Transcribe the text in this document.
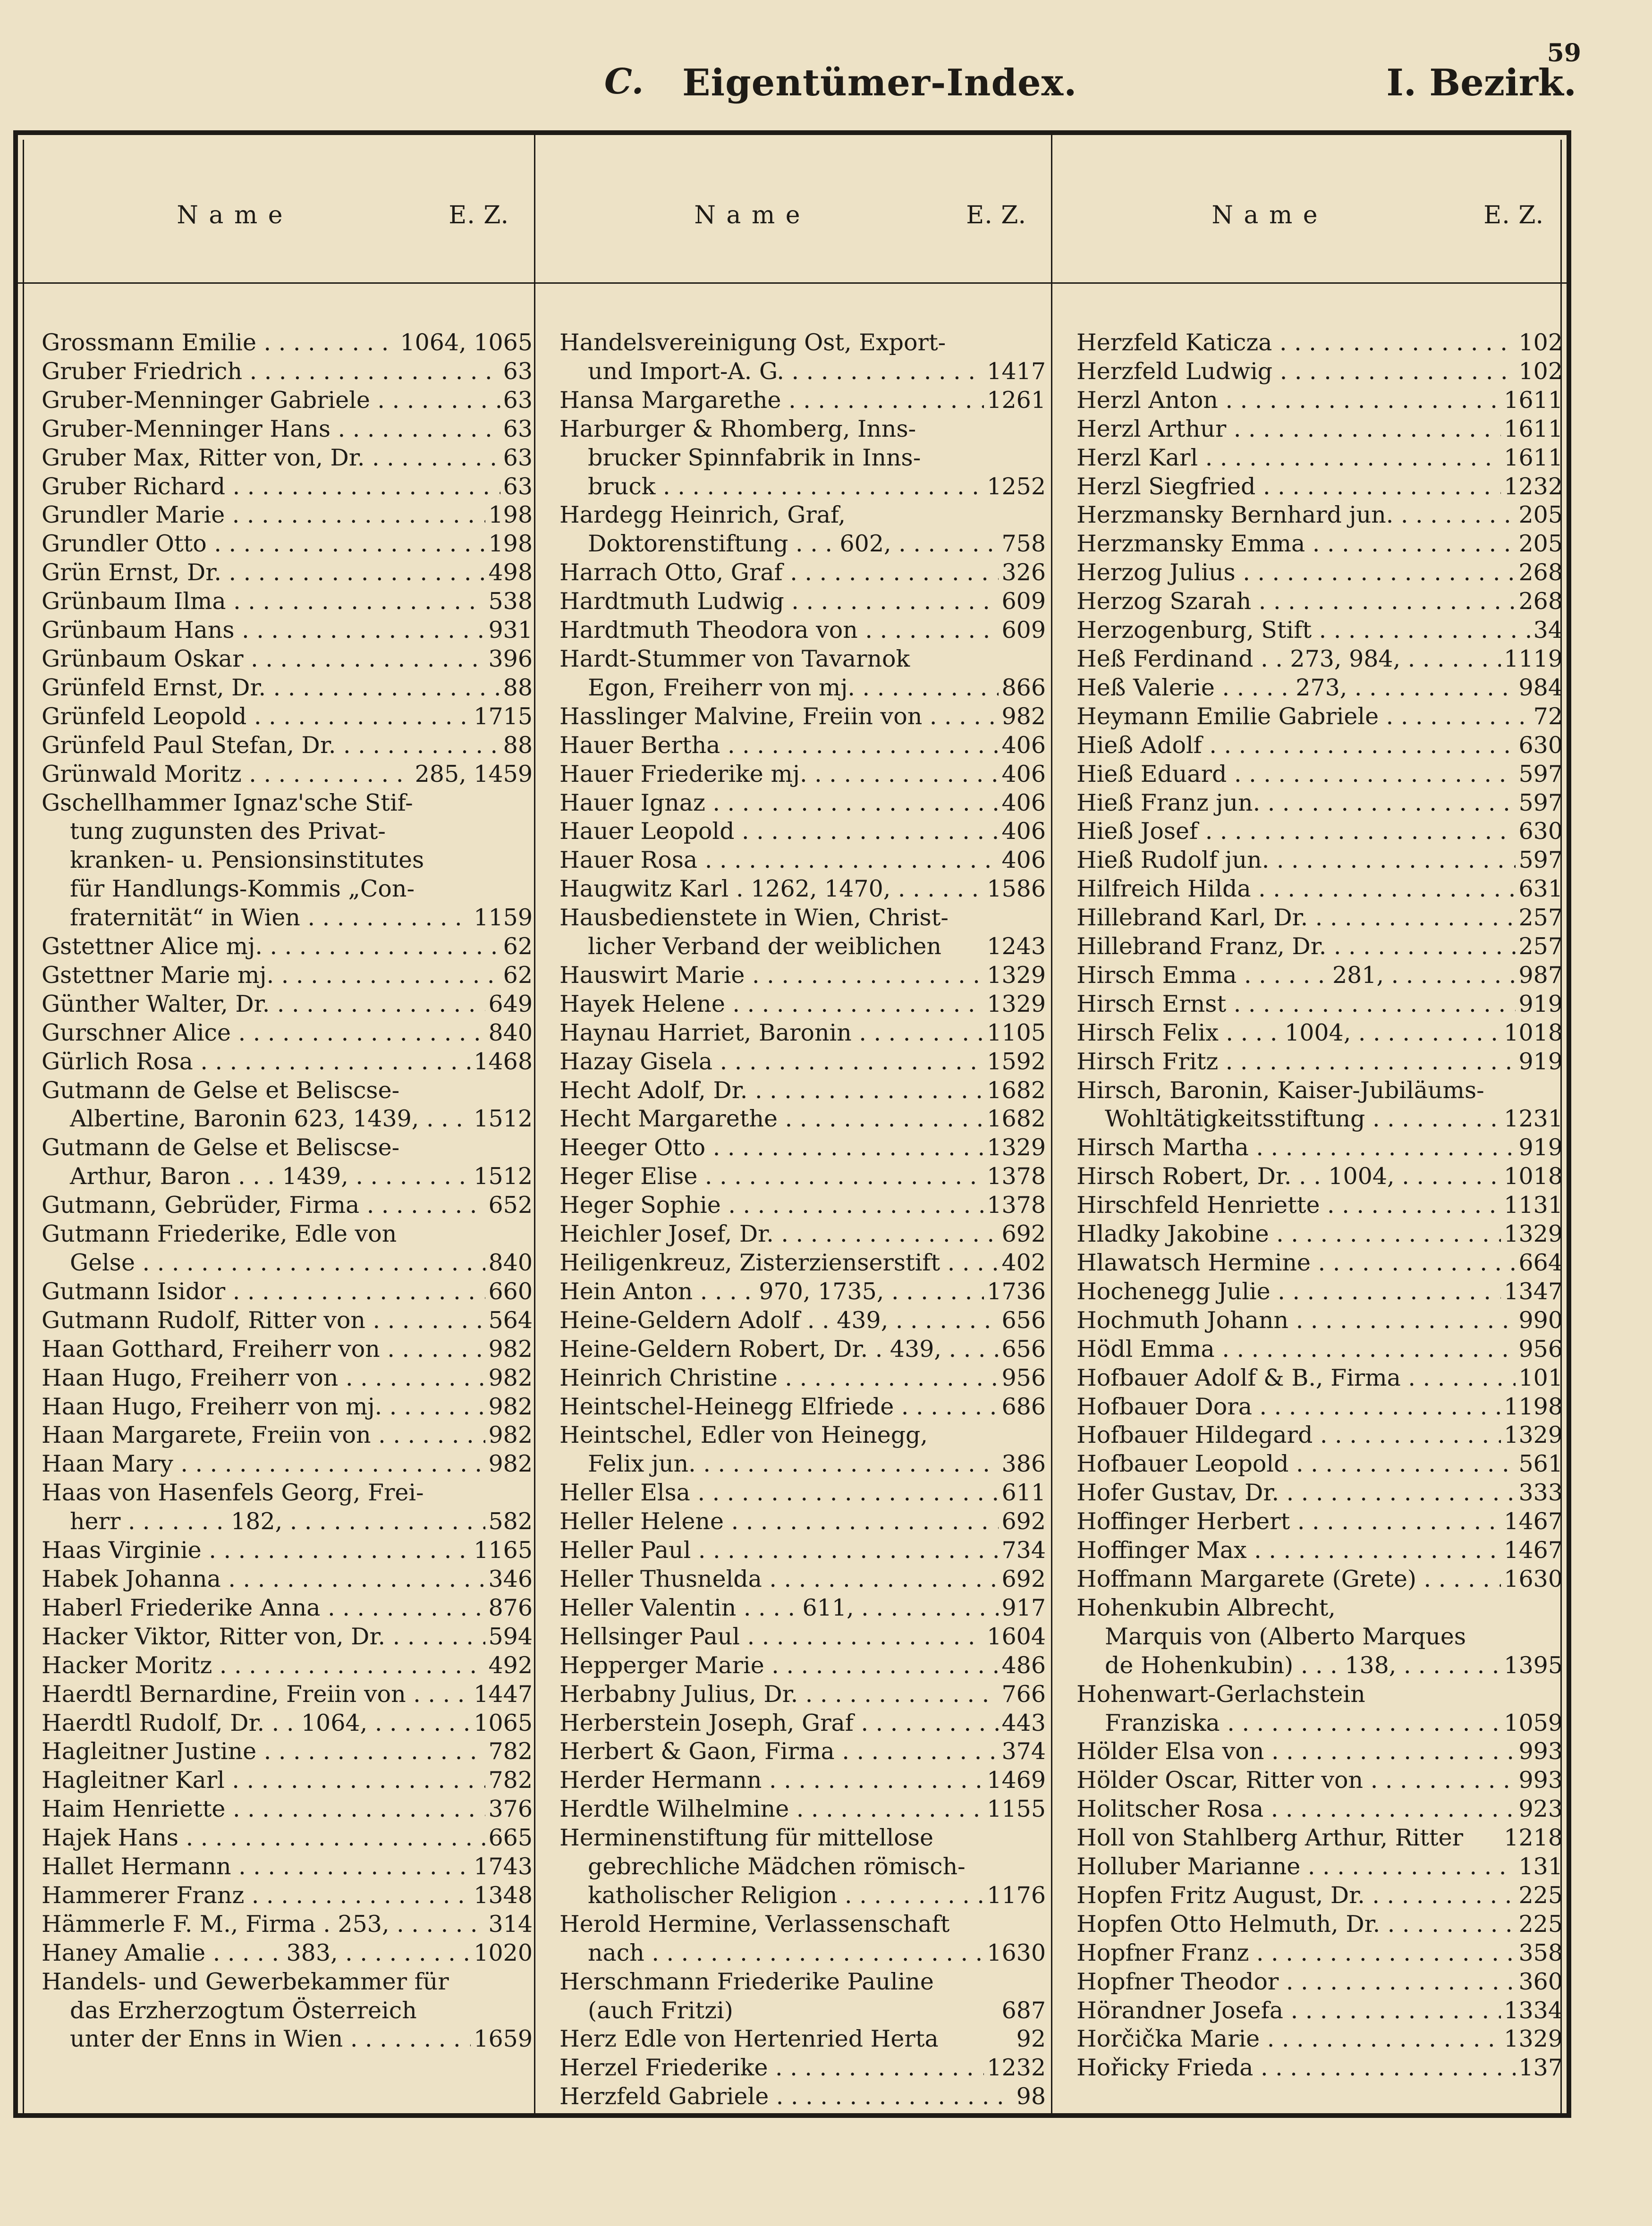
59
C. Eigentümer-Index.	I. Bezirk.
N a m e	E. Z.	N a m e	E. Z.	N a m e	E. Z.
Grossmann Emilie . . .	1064, 1065
Gruber Friedrich . . .	63
Gruber-Menninger Gabriele . . .	63
Gruber-Menninger Hans . . .	63
Gruber Max, Ritter von, Dr. . . .	63
Gruber Richard . . .	63
Grundler Marie . . .	198
Grundler Otto . . .	198
Grün Ernst, Dr. . . .	498
Grünbaum Ilma . . .	538
Grünbaum Hans . . .	931
Grünbaum Oskar . . .	396
Grünfeld Ernst, Dr. . . .	88
Grünfeld Leopold . . .	1715
Grünfeld Paul Stefan, Dr. . . .	88
Grünwald Moritz . . .	285, 1459
Gschellhammer Ignaz'sche Stif-
tung zugunsten des Privat-
kranken- u. Pensionsinstitutes
für Handlungs-Kommis „Con-
fraternität“ in Wien . . .	1159
Gstettner Alice mj. . . .	62
Gstettner Marie mj. . . .	62
Günther Walter, Dr. . . .	649
Gurschner Alice . . .	840
Gürlich Rosa . . .	1468
Gutmann de Gelse et Beliscse-
Albertine, Baronin 623, 1439, . . .	1512
Gutmann de Gelse et Beliscse-
Arthur, Baron . . . 1439, . . .	1512
Gutmann, Gebrüder, Firma . . .	652
Gutmann Friederike, Edle von
Gelse . . .	840
Gutmann Isidor . . .	660
Gutmann Rudolf, Ritter von . . .	564
Haan Gotthard, Freiherr von . . .	982
Haan Hugo, Freiherr von . . .	982
Haan Hugo, Freiherr von mj. . . .	982
Haan Margarete, Freiin von . . .	982
Haan Mary . . .	982
Haas von Hasenfels Georg, Frei-
herr . . . . . . . 182, . . .	582
Haas Virginie . . .	1165
Habek Johanna . . .	346
Haberl Friederike Anna . . .	876
Hacker Viktor, Ritter von, Dr. . . .	594
Hacker Moritz . . .	492
Haerdtl Bernardine, Freiin von . . .	1447
Haerdtl Rudolf, Dr. . . 1064, . . .	1065
Hagleitner Justine . . .	782
Hagleitner Karl . . .	782
Haim Henriette . . .	376
Hajek Hans . . .	665
Hallet Hermann . . .	1743
Hammerer Franz . . .	1348
Hämmerle F. M., Firma . 253, . . .	314
Haney Amalie . . . . . 383, . . .	1020
Handels- und Gewerbekammer für
das Erzherzogtum Österreich
unter der Enns in Wien . . .	1659
Handelsvereinigung Ost, Export-
und Import-A. G. . . .	1417
Hansa Margarethe . . .	1261
Harburger & Rhomberg, Inns-
brucker Spinnfabrik in Inns-
bruck . . .	1252
Hardegg Heinrich, Graf,
Doktorenstiftung . . . 602, . . .	758
Harrach Otto, Graf . . .	326
Hardtmuth Ludwig . . .	609
Hardtmuth Theodora von . . .	609
Hardt-Stummer von Tavarnok
Egon, Freiherr von mj. . . .	866
Hasslinger Malvine, Freiin von . . .	982
Hauer Bertha . . .	406
Hauer Friederike mj. . . .	406
Hauer Ignaz . . .	406
Hauer Leopold . . .	406
Hauer Rosa . . .	406
Haugwitz Karl . 1262, 1470, . . .	1586
Hausbedienstete in Wien, Christ-
licher Verband der weiblichen	1243
Hauswirt Marie . . .	1329
Hayek Helene . . .	1329
Haynau Harriet, Baronin . . .	1105
Hazay Gisela . . .	1592
Hecht Adolf, Dr. . . .	1682
Hecht Margarethe . . .	1682
Heeger Otto . . .	1329
Heger Elise . . .	1378
Heger Sophie . . .	1378
Heichler Josef, Dr. . . .	692
Heiligenkreuz, Zisterzienserstift . . .	402
Hein Anton . . . . 970, 1735, . . .	1736
Heine-Geldern Adolf . . 439, . . .	656
Heine-Geldern Robert, Dr. . 439, . . .	656
Heinrich Christine . . .	956
Heintschel-Heinegg Elfriede . . .	686
Heintschel, Edler von Heinegg,
Felix jun. . . .	386
Heller Elsa . . .	611
Heller Helene . . .	692
Heller Paul . . .	734
Heller Thusnelda . . .	692
Heller Valentin . . . . 611, . . .	917
Hellsinger Paul . . .	1604
Hepperger Marie . . .	486
Herbabny Julius, Dr. . . .	766
Herberstein Joseph, Graf . . .	443
Herbert & Gaon, Firma . . .	374
Herder Hermann . . .	1469
Herdtle Wilhelmine . . .	1155
Herminenstiftung für mittellose
gebrechliche Mädchen römisch-
katholischer Religion . . .	1176
Herold Hermine, Verlassenschaft
nach . . .	1630
Herschmann Friederike Pauline
(auch Fritzi)	687
Herz Edle von Hertenried Herta	92
Herzel Friederike . . .	1232
Herzfeld Gabriele . . .	98
Herzfeld Katicza . . .	102
Herzfeld Ludwig . . .	102
Herzl Anton . . .	1611
Herzl Arthur . . .	1611
Herzl Karl . . .	1611
Herzl Siegfried . . .	1232
Herzmansky Bernhard jun. . . .	205
Herzmansky Emma . . .	205
Herzog Julius . . .	268
Herzog Szarah . . .	268
Herzogenburg, Stift . . .	34
Heß Ferdinand . . 273, 984, . . .	1119
Heß Valerie . . . . . 273, . . .	984
Heymann Emilie Gabriele . . .	72
Hieß Adolf . . .	630
Hieß Eduard . . .	597
Hieß Franz jun. . . .	597
Hieß Josef . . .	630
Hieß Rudolf jun. . . .	597
Hilfreich Hilda . . .	631
Hillebrand Karl, Dr. . . .	257
Hillebrand Franz, Dr. . . .	257
Hirsch Emma . . . . . . 281, . . .	987
Hirsch Ernst . . .	919
Hirsch Felix . . . . 1004, . . .	1018
Hirsch Fritz . . .	919
Hirsch, Baronin, Kaiser-Jubiläums-
Wohltätigkeitsstiftung . . .	1231
Hirsch Martha . . .	919
Hirsch Robert, Dr. . . 1004, . . .	1018
Hirschfeld Henriette . . .	1131
Hladky Jakobine . . .	1329
Hlawatsch Hermine . . .	664
Hochenegg Julie . . .	1347
Hochmuth Johann . . .	990
Hödl Emma . . .	956
Hofbauer Adolf & B., Firma . . .	101
Hofbauer Dora . . .	1198
Hofbauer Hildegard . . .	1329
Hofbauer Leopold . . .	561
Hofer Gustav, Dr. . . .	333
Hoffinger Herbert . . .	1467
Hoffinger Max . . .	1467
Hoffmann Margarete (Grete) . . .	1630
Hohenkubin Albrecht,
Marquis von (Alberto Marques
de Hohenkubin) . . . 138, . . .	1395
Hohenwart-Gerlachstein
Franziska . . .	1059
Hölder Elsa von . . .	993
Hölder Oscar, Ritter von . . .	993
Holitscher Rosa . . .	923
Holl von Stahlberg Arthur, Ritter	1218
Holluber Marianne . . .	131
Hopfen Fritz August, Dr. . . .	225
Hopfen Otto Helmuth, Dr. . . .	225
Hopfner Franz . . .	358
Hopfner Theodor . . .	360
Hörandner Josefa . . .	1334
Horčička Marie . . .	1329
Hořicky Frieda . . .	137
